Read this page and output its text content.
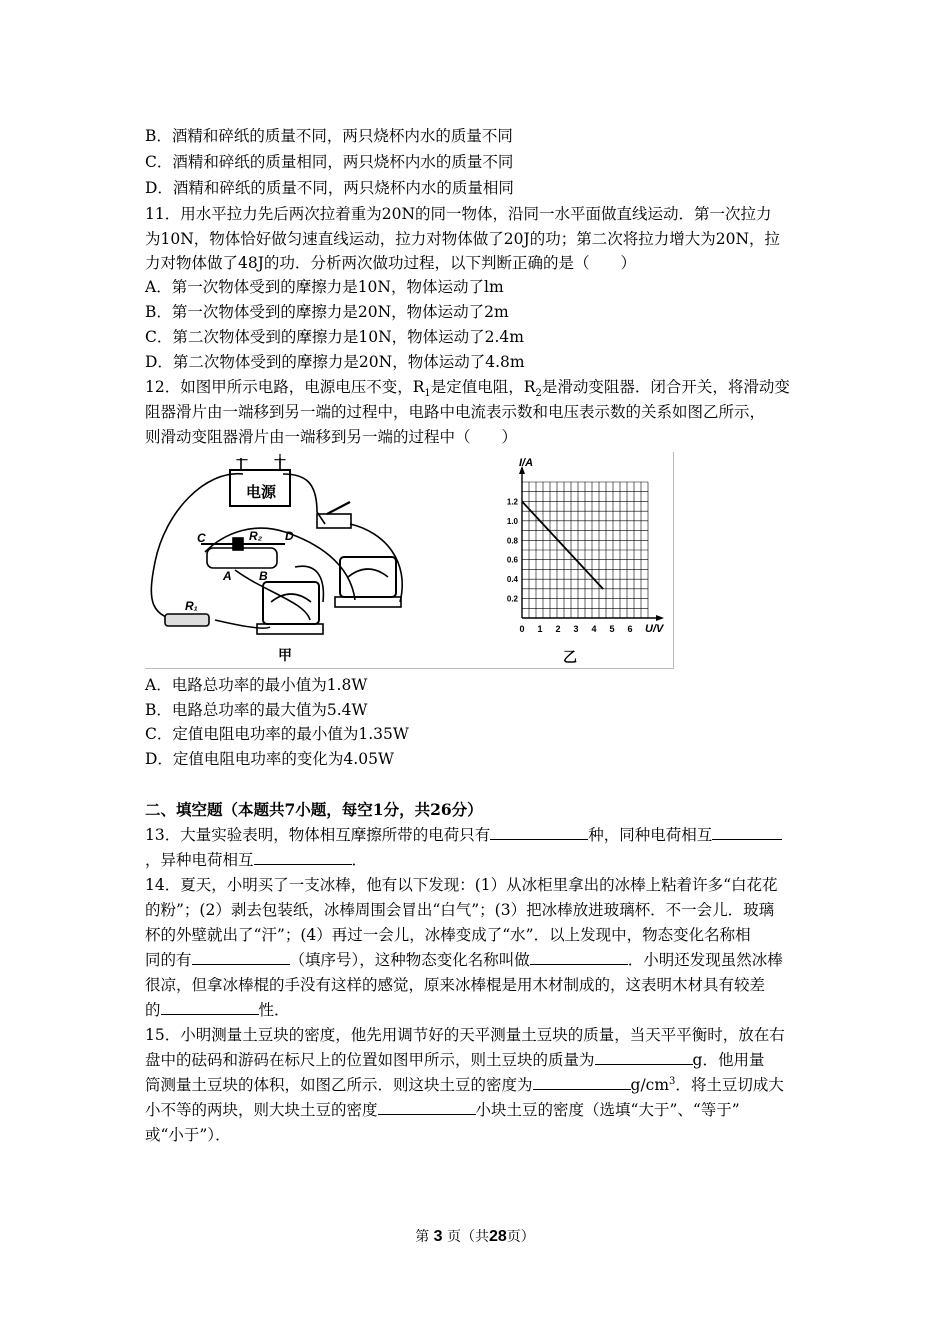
B．酒精和碎纸的质量不同，两只烧杯内水的质量不同
C．酒精和碎纸的质量相同，两只烧杯内水的质量不同
D．酒精和碎纸的质量不同，两只烧杯内水的质量相同
11．用水平拉力先后两次拉着重为20N的同一物体，沿同一水平面做直线运动．第一次拉力
为10N，物体恰好做匀速直线运动，拉力对物体做了20J的功；第二次将拉力增大为20N，拉
力对物体做了48J的功．分析两次做功过程，以下判断正确的是（　　）
A．第一次物体受到的摩擦力是10N，物体运动了lm
B．第一次物体受到的摩擦力是20N，物体运动了2m
C．第二次物体受到的摩擦力是10N，物体运动了2.4m
D．第二次物体受到的摩擦力是20N，物体运动了4.8m
12．如图甲所示电路，电源电压不变，$R_1$是定值电阻，$R_2$是滑动变阻器．闭合开关，将滑动变
阻器滑片由一端移到另一端的过程中，电路中电流表示数和电压表示数的关系如图乙所示，
则滑动变阻器滑片由一端移到另一端的过程中（　　）
电源
－ ＋
C	R₂ D
A B
R₁
甲
0 1 2 3 4 5 6
0.2
0.4
0.6
0.8
1.0
1.2
I/A
U/V
乙
A．电路总功率的最小值为1.8W
B．电路总功率的最大值为5.4W
C．定值电阻电功率的最小值为1.35W
D．定值电阻电功率的变化为4.05W
二、填空题（本题共7小题，每空1分，共26分）
13．大量实验表明，物体相互摩擦所带的电荷只有	种，同种电荷相互
，异种电荷相互	．
14．夏天，小明买了一支冰棒，他有以下发现：(1）从冰柜里拿出的冰棒上粘着许多“白花花
的粉”；(2）剥去包装纸，冰棒周围会冒出“白气”；(3）把冰棒放进玻璃杯．不一会儿．玻璃
杯的外壁就出了“汗”；(4）再过一会儿，冰棒变成了“水”．以上发现中，物态变化名称相
同的有	（填序号），这种物态变化名称叫做	．小明还发现虽然冰棒
很凉，但拿冰棒棍的手没有这样的感觉，原来冰棒棍是用木材制成的，这表明木材具有较差
的	性．
15．小明测量土豆块的密度，他先用调节好的天平测量土豆块的质量，当天平平衡时，放在右
盘中的砝码和游码在标尺上的位置如图甲所示，则土豆块的质量为	g．他用量
筒测量土豆块的体积，如图乙所示．则这块土豆的密度为	$g/cm^3$．将土豆切成大
小不等的两块，则大块土豆的密度	小块土豆的密度（选填“大于”、“等于”
或“小于”）．
第 3 页（共28页）
